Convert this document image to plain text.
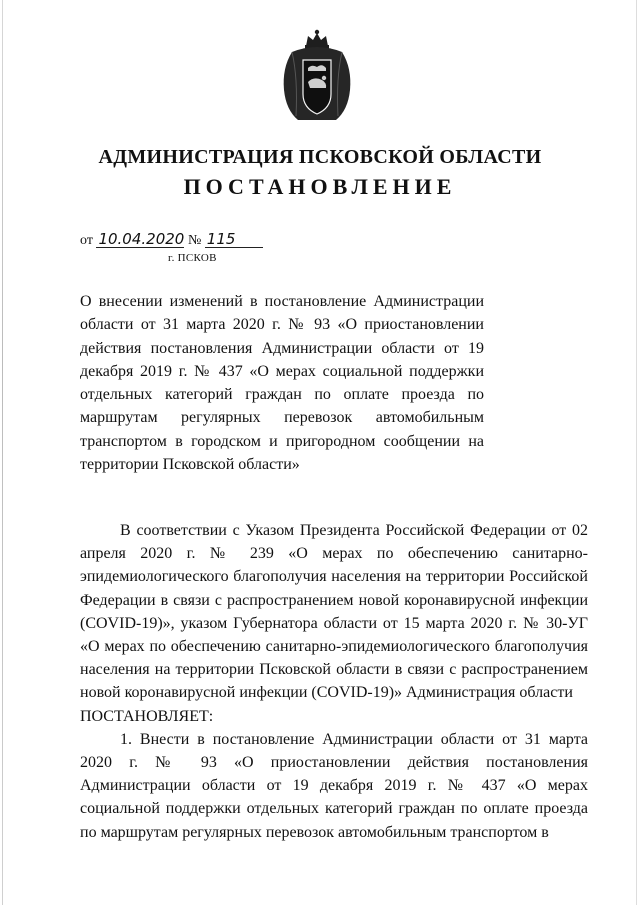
АДМИНИСТРАЦИЯ ПСКОВСКОЙ ОБЛАСТИ
ПОСТАНОВЛЕНИЕ
от 10.04.2020 № 115
г. ПСКОВ
О внесении изменений в постановление Администрации области от 31 марта 2020 г. № 93 «О приостановлении действия постановления Администрации области от 19 декабря 2019 г. № 437 «О мерах социальной поддержки отдельных категорий граждан по оплате проезда по маршрутам регулярных перевозок автомобильным транспортом в городском и пригородном сообщении на территории Псковской области»

В соответствии с Указом Президента Российской Федерации от 02 апреля 2020 г. № 239 «О мерах по обеспечению санитарно-эпидемиологического благополучия населения на территории Российской Федерации в связи с распространением новой коронавирусной инфекции (COVID-19)», указом Губернатора области от 15 марта 2020 г. № 30-УГ «О мерах по обеспечению санитарно-эпидемиологического благополучия населения на территории Псковской области в связи с распространением новой коронавирусной инфекции (COVID-19)» Администрация области

ПОСТАНОВЛЯЕТ:

1. Внести в постановление Администрации области от 31 марта 2020 г. № 93 «О приостановлении действия постановления Администрации области от 19 декабря 2019 г. № 437 «О мерах социальной поддержки отдельных категорий граждан по оплате проезда по маршрутам регулярных перевозок автомобильным транспортом в
